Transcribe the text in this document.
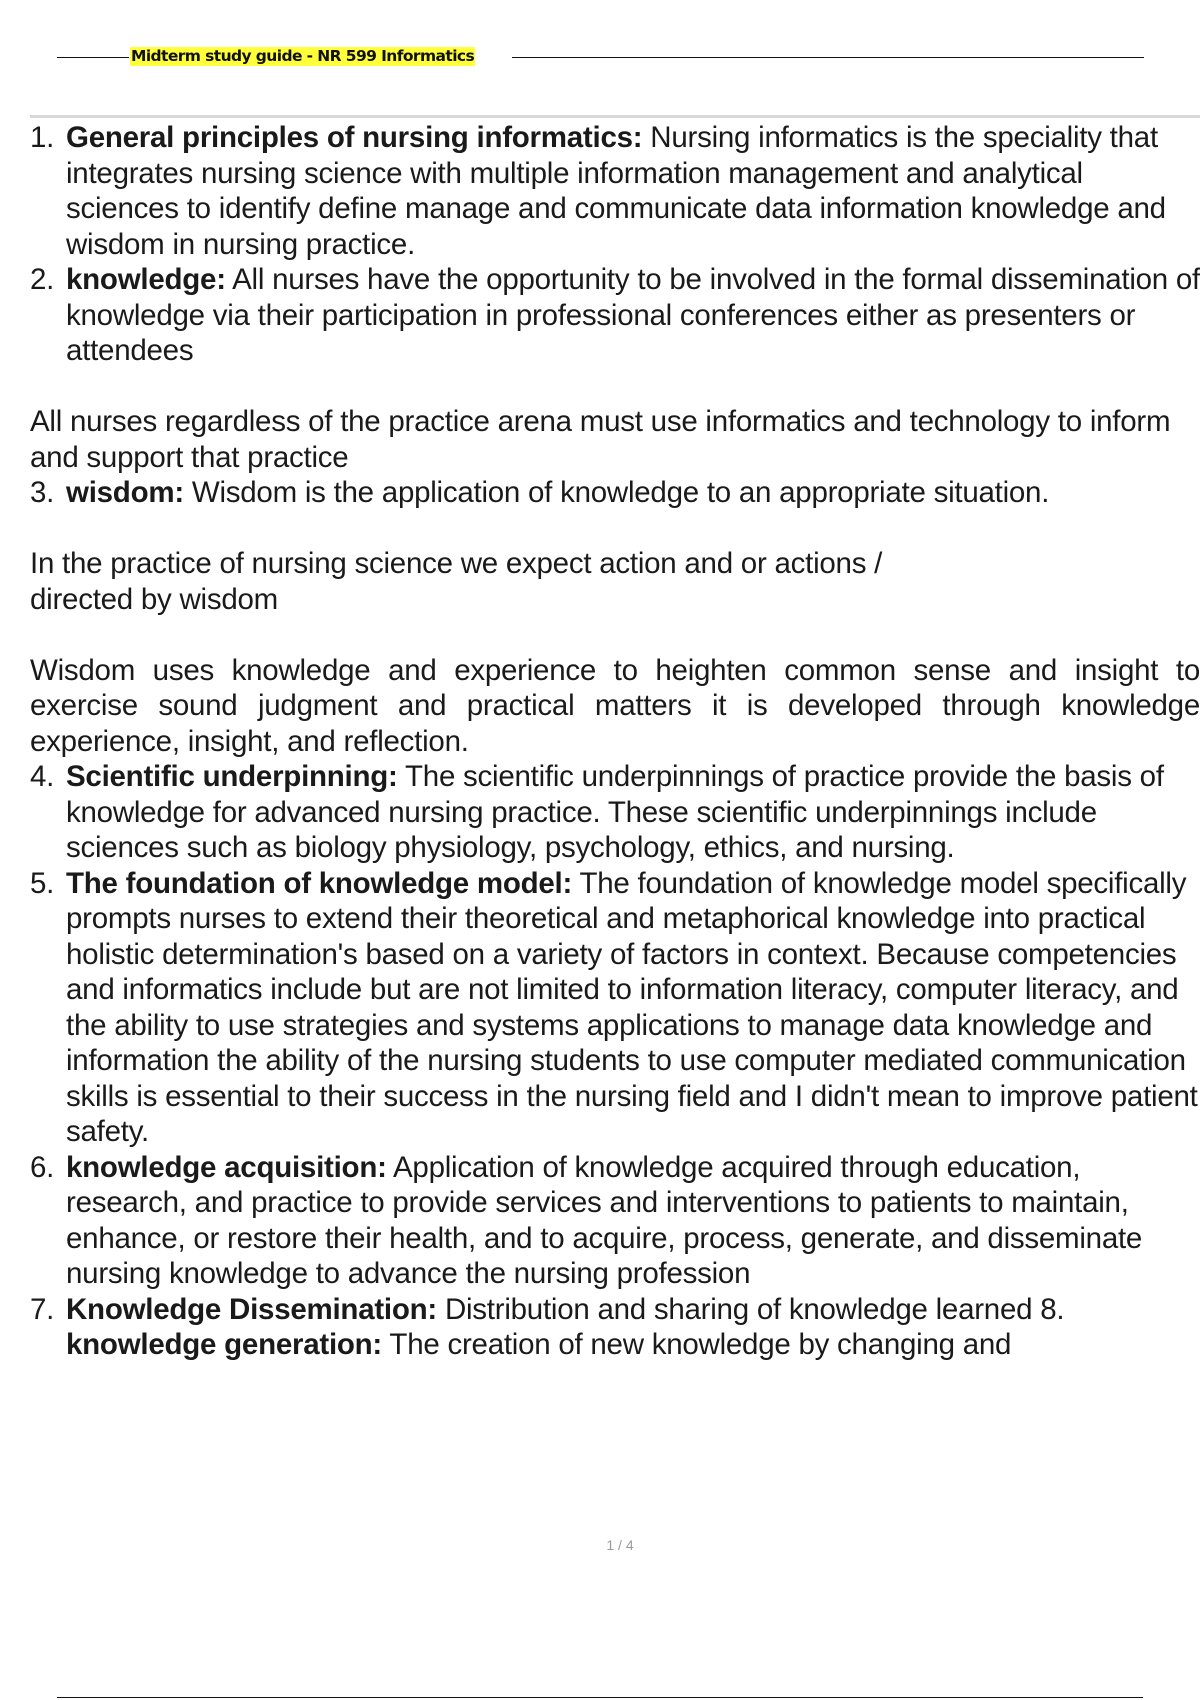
Midterm study guide - NR 599 Informatics

1. General principles of nursing informatics: Nursing informatics is the speciality that integrates nursing science with multiple information management and analytical sciences to identify define manage and communicate data information knowledge and wisdom in nursing practice.

2. knowledge: All nurses have the opportunity to be involved in the formal dissemination of knowledge via their participation in professional conferences either as presenters or attendees

All nurses regardless of the practice arena must use informatics and technology to inform and support that practice

3. wisdom: Wisdom is the application of knowledge to an appropriate situation.

In the practice of nursing science we expect action and or actions /

directed by wisdom

Wisdom uses knowledge and experience to heighten common sense and insight to exercise sound judgment and practical matters it is developed through knowledge experience, insight, and reflection.

4. Scientific underpinning: The scientific underpinnings of practice provide the basis of knowledge for advanced nursing practice. These scientific underpinnings include sciences such as biology physiology, psychology, ethics, and nursing.

5. The foundation of knowledge model: The foundation of knowledge model specifically prompts nurses to extend their theoretical and metaphorical knowledge into practical holistic determination's based on a variety of factors in context. Because competencies and informatics include but are not limited to information literacy, computer literacy, and the ability to use strategies and systems applications to manage data knowledge and information the ability of the nursing students to use computer mediated communication skills is essential to their success in the nursing field and I didn't mean to improve patient safety.

6. knowledge acquisition: Application of knowledge acquired through education, research, and practice to provide services and interventions to patients to maintain, enhance, or restore their health, and to acquire, process, generate, and disseminate nursing knowledge to advance the nursing profession

7. Knowledge Dissemination: Distribution and sharing of knowledge learned 8. knowledge generation: The creation of new knowledge by changing and

1 / 4
